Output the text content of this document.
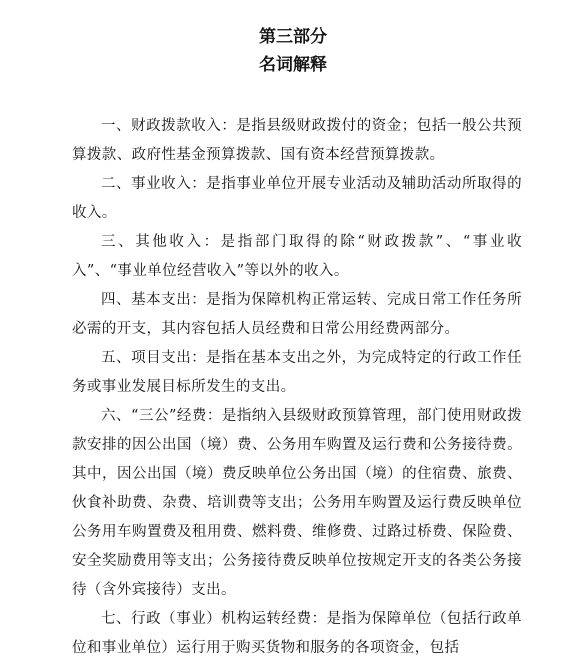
第三部分
名词解释

一、财政拨款收入：是指县级财政拨付的资金；包括一般公共预算拨款、政府性基金预算拨款、国有资本经营预算拨款。

二、事业收入：是指事业单位开展专业活动及辅助活动所取得的收入。

三、其他收入：是指部门取得的除“财政拨款”、“事业收入”、“事业单位经营收入”等以外的收入。

四、基本支出：是指为保障机构正常运转、完成日常工作任务所必需的开支，其内容包括人员经费和日常公用经费两部分。

五、项目支出：是指在基本支出之外，为完成特定的行政工作任务或事业发展目标所发生的支出。

六、“三公”经费：是指纳入县级财政预算管理，部门使用财政拨款安排的因公出国（境）费、公务用车购置及运行费和公务接待费。其中，因公出国（境）费反映单位公务出国（境）的住宿费、旅费、伙食补助费、杂费、培训费等支出；公务用车购置及运行费反映单位公务用车购置费及租用费、燃料费、维修费、过路过桥费、保险费、安全奖励费用等支出；公务接待费反映单位按规定开支的各类公务接待（含外宾接待）支出。

七、行政（事业）机构运转经费：是指为保障单位（包括行政单位和事业单位）运行用于购买货物和服务的各项资金，包括
